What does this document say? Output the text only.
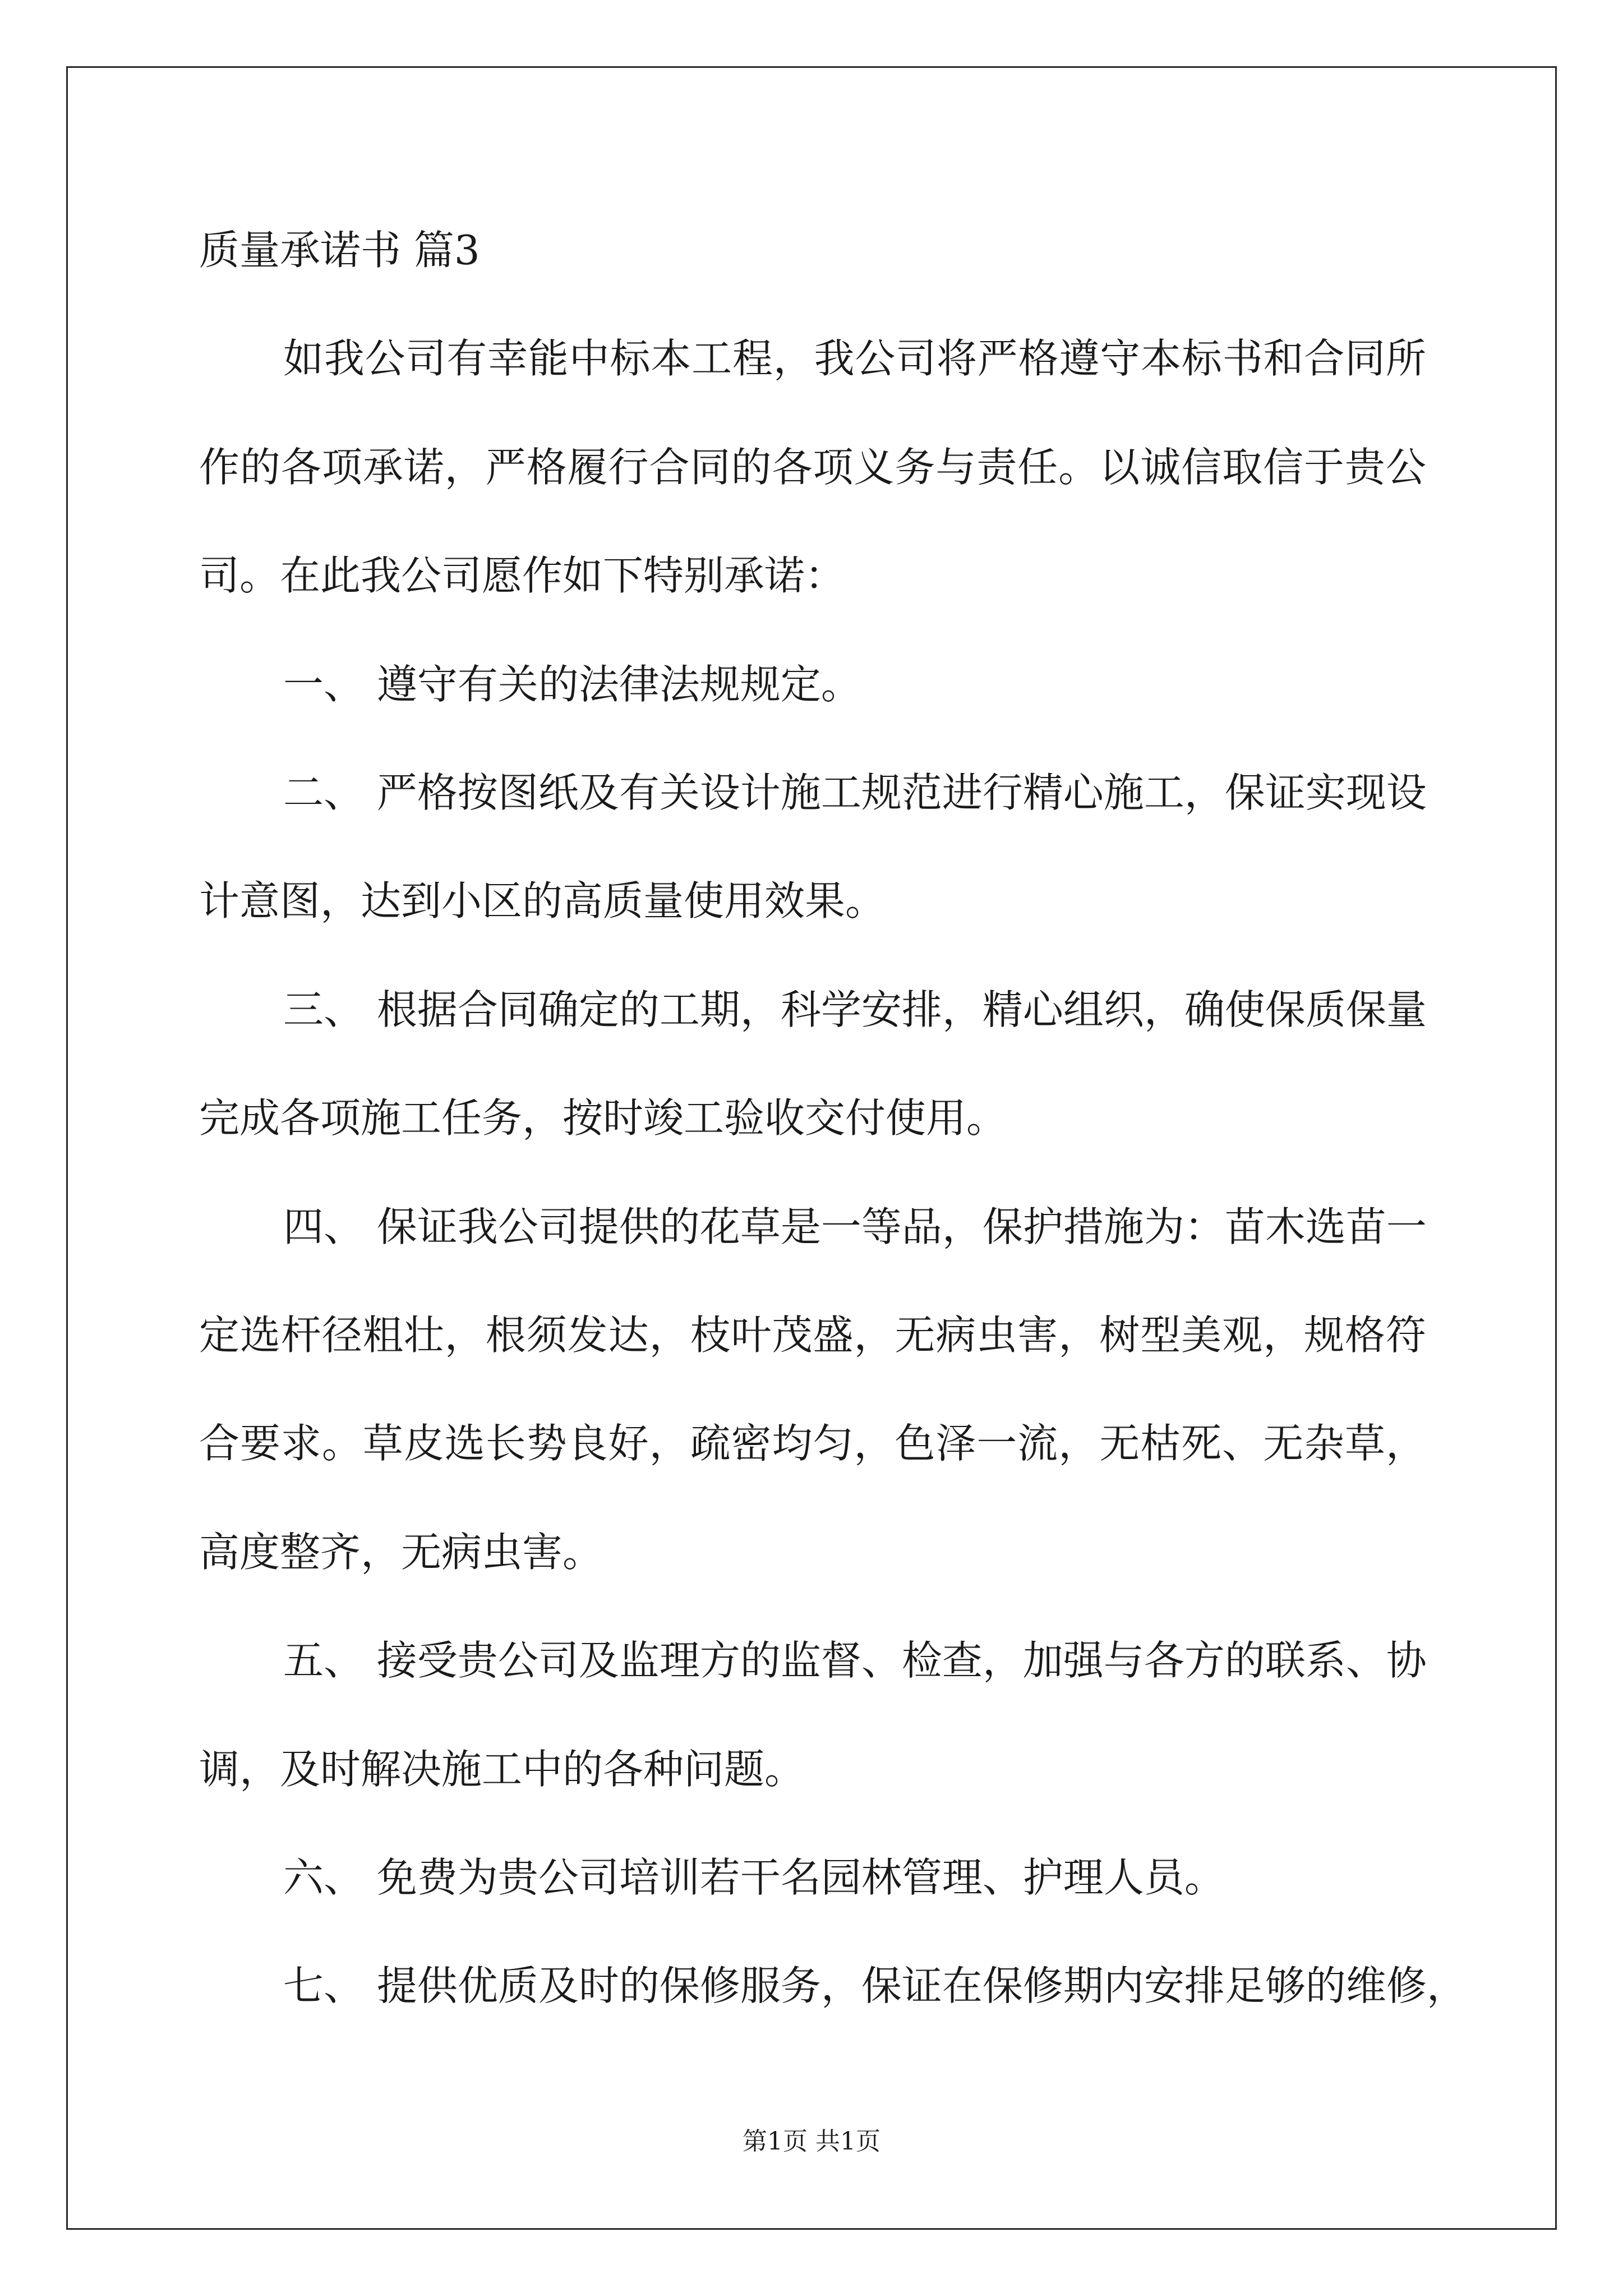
质量承诺书 篇3
如我公司有幸能中标本工程，我公司将严格遵守本标书和合同所
作的各项承诺，严格履行合同的各项义务与责任。以诚信取信于贵公
司。在此我公司愿作如下特别承诺：
一、 遵守有关的法律法规规定。
二、 严格按图纸及有关设计施工规范进行精心施工，保证实现设
计意图，达到小区的高质量使用效果。
三、 根据合同确定的工期，科学安排，精心组织，确使保质保量
完成各项施工任务，按时竣工验收交付使用。
四、 保证我公司提供的花草是一等品，保护措施为：苗木选苗一
定选杆径粗壮，根须发达，枝叶茂盛，无病虫害，树型美观，规格符
合要求。草皮选长势良好，疏密均匀，色泽一流，无枯死、无杂草，
高度整齐，无病虫害。
五、 接受贵公司及监理方的监督、检查，加强与各方的联系、协
调，及时解决施工中的各种问题。
六、 免费为贵公司培训若干名园林管理、护理人员。
七、 提供优质及时的保修服务，保证在保修期内安排足够的维修，
第1页 共1页
